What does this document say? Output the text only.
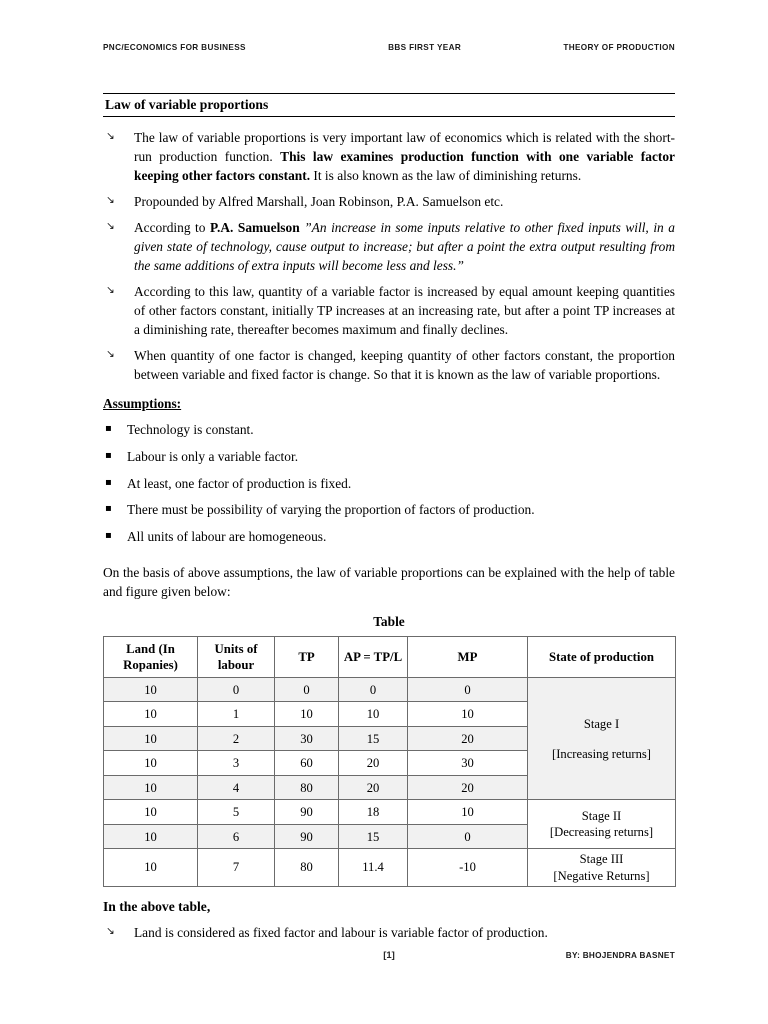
PNC/ECONOMICS FOR BUSINESS	BBS FIRST YEAR	THEORY OF PRODUCTION
Law of variable proportions
↘ The law of variable proportions is very important law of economics which is related with the short-run production function. This law examines production function with one variable factor keeping other factors constant. It is also known as the law of diminishing returns.
↘ Propounded by Alfred Marshall, Joan Robinson, P.A. Samuelson etc.
↘ According to P.A. Samuelson ”An increase in some inputs relative to other fixed inputs will, in a given state of technology, cause output to increase; but after a point the extra output resulting from the same additions of extra inputs will become less and less.”
↘ According to this law, quantity of a variable factor is increased by equal amount keeping quantities of other factors constant, initially TP increases at an increasing rate, but after a point TP increases at a diminishing rate, thereafter becomes maximum and finally declines.
↘ When quantity of one factor is changed, keeping quantity of other factors constant, the proportion between variable and fixed factor is change. So that it is known as the law of variable proportions.
Assumptions:
▪ Technology is constant.
▪ Labour is only a variable factor.
▪ At least, one factor of production is fixed.
▪ There must be possibility of varying the proportion of factors of production.
▪ All units of labour are homogeneous.

On the basis of above assumptions, the law of variable proportions can be explained with the help of table and figure given below:

Table
Land (In Ropanies)	Units of labour	TP	AP = TP/L	MP	State of production
10	0	0	0	0	Stage I
[Increasing returns]

10	1	10	10	10	
10	2	30	15	20	
10	3	60	20	30	
10	4	80	20	20	
10	5	90	18	10	Stage II
[Decreasing returns]

10	6	90	15	0	
10	7	80	11.4	-10	Stage III
[Negative Returns]
In the above table,
↘ Land is considered as fixed factor and labour is variable factor of production.
[1]	BY: BHOJENDRA BASNET
